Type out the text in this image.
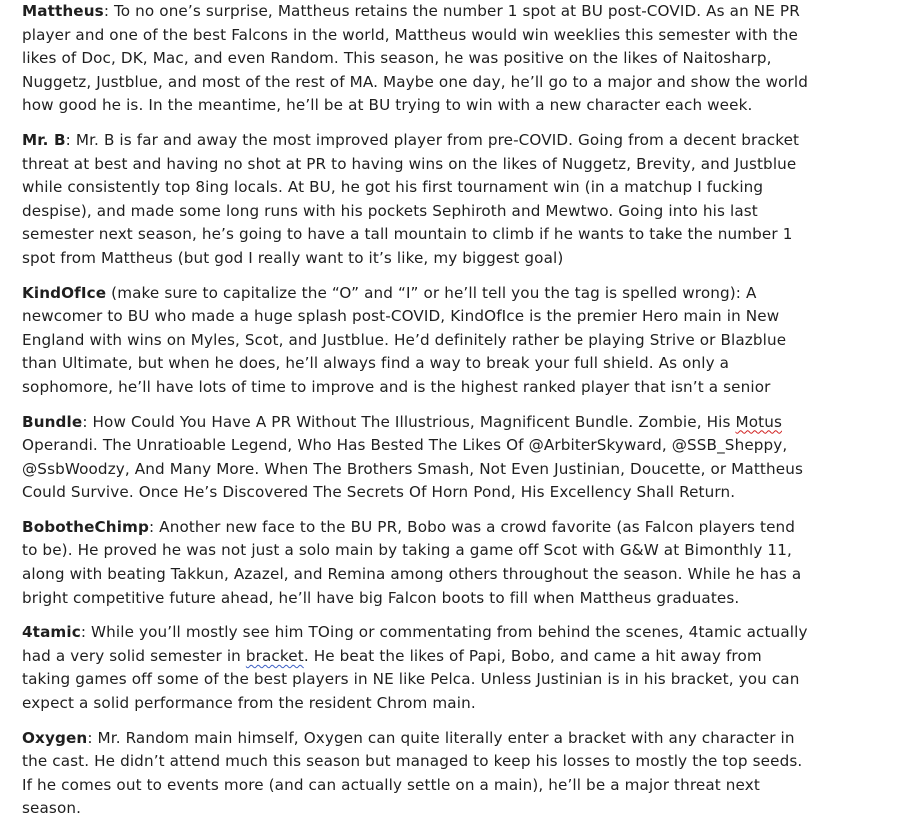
Mattheus: To no one’s surprise, Mattheus retains the number 1 spot at BU post-COVID. As an NE PR player and one of the best Falcons in the world, Mattheus would win weeklies this semester with the likes of Doc, DK, Mac, and even Random. This season, he was positive on the likes of Naitosharp, Nuggetz, Justblue, and most of the rest of MA. Maybe one day, he’ll go to a major and show the world how good he is. In the meantime, he’ll be at BU trying to win with a new character each week.

Mr. B: Mr. B is far and away the most improved player from pre-COVID. Going from a decent bracket threat at best and having no shot at PR to having wins on the likes of Nuggetz, Brevity, and Justblue while consistently top 8ing locals. At BU, he got his first tournament win (in a matchup I fucking despise), and made some long runs with his pockets Sephiroth and Mewtwo. Going into his last semester next season, he’s going to have a tall mountain to climb if he wants to take the number 1 spot from Mattheus (but god I really want to it’s like, my biggest goal)

KindOfIce (make sure to capitalize the “O” and “I” or he’ll tell you the tag is spelled wrong): A newcomer to BU who made a huge splash post-COVID, KindOfIce is the premier Hero main in New England with wins on Myles, Scot, and Justblue. He’d definitely rather be playing Strive or Blazblue than Ultimate, but when he does, he’ll always find a way to break your full shield. As only a sophomore, he’ll have lots of time to improve and is the highest ranked player that isn’t a senior

Bundle: How Could You Have A PR Without The Illustrious, Magnificent Bundle. Zombie, His Motus Operandi. The Unratioable Legend, Who Has Bested The Likes Of @ArbiterSkyward, @SSB_Sheppy, @SsbWoodzy, And Many More. When The Brothers Smash, Not Even Justinian, Doucette, or Mattheus Could Survive. Once He’s Discovered The Secrets Of Horn Pond, His Excellency Shall Return.

BobotheChimp: Another new face to the BU PR, Bobo was a crowd favorite (as Falcon players tend to be). He proved he was not just a solo main by taking a game off Scot with G&W at Bimonthly 11, along with beating Takkun, Azazel, and Remina among others throughout the season. While he has a bright competitive future ahead, he’ll have big Falcon boots to fill when Mattheus graduates.

4tamic: While you’ll mostly see him TOing or commentating from behind the scenes, 4tamic actually had a very solid semester in bracket. He beat the likes of Papi, Bobo, and came a hit away from taking games off some of the best players in NE like Pelca. Unless Justinian is in his bracket, you can expect a solid performance from the resident Chrom main.

Oxygen: Mr. Random main himself, Oxygen can quite literally enter a bracket with any character in the cast. He didn’t attend much this season but managed to keep his losses to mostly the top seeds. If he comes out to events more (and can actually settle on a main), he’ll be a major threat next season.
